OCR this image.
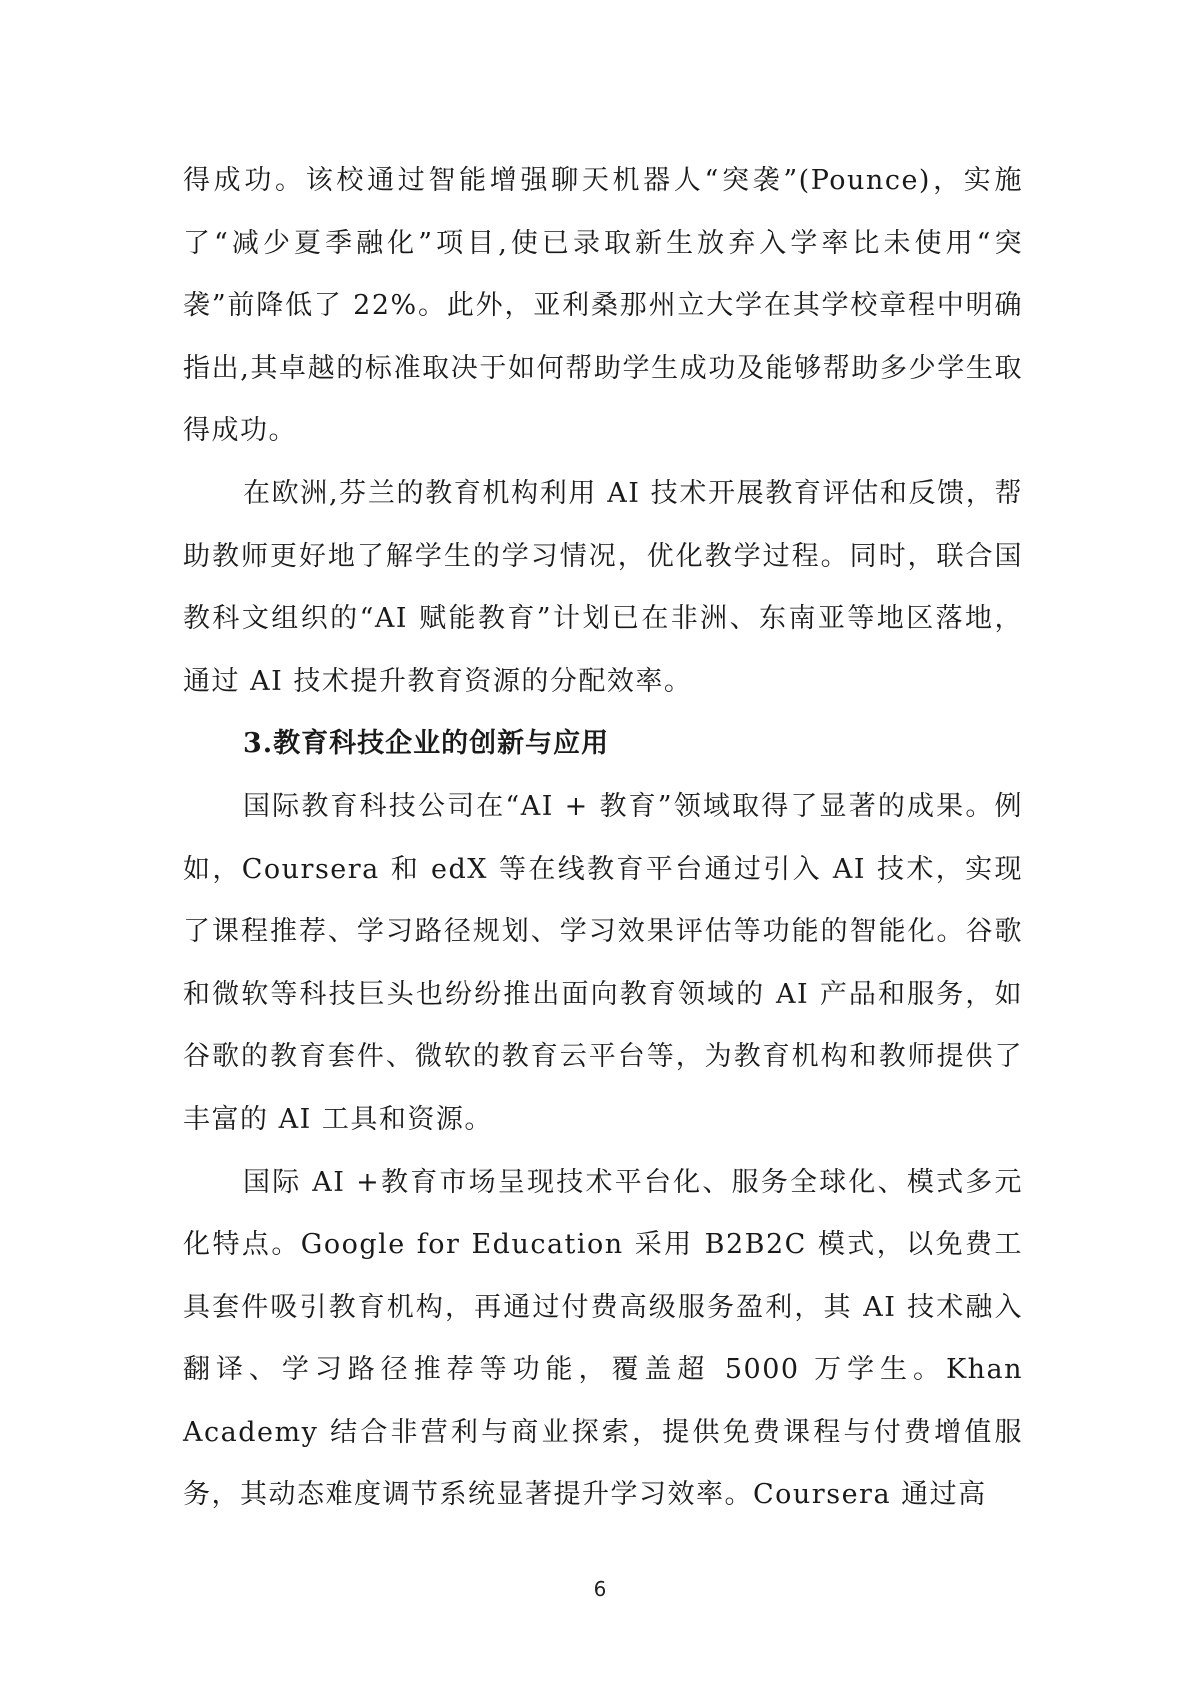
得成功。该校通过智能增强聊天机器人“突袭”(Pounce)，实施了“减少夏季融化”项目,使已录取新生放弃入学率比未使用“突袭”前降低了 22%。此外，亚利桑那州立大学在其学校章程中明确指出,其卓越的标准取决于如何帮助学生成功及能够帮助多少学生取得成功。

在欧洲,芬兰的教育机构利用 AI 技术开展教育评估和反馈，帮助教师更好地了解学生的学习情况，优化教学过程。同时，联合国教科文组织的“AI 赋能教育”计划已在非洲、东南亚等地区落地，通过 AI 技术提升教育资源的分配效率。

3.教育科技企业的创新与应用

国际教育科技公司在“AI + 教育”领域取得了显著的成果。例如，Coursera 和 edX 等在线教育平台通过引入 AI 技术，实现了课程推荐、学习路径规划、学习效果评估等功能的智能化。谷歌和微软等科技巨头也纷纷推出面向教育领域的 AI 产品和服务，如谷歌的教育套件、微软的教育云平台等，为教育机构和教师提供了丰富的 AI 工具和资源。

国际 AI +教育市场呈现技术平台化、服务全球化、模式多元化特点。Google for Education 采用 B2B2C 模式，以免费工具套件吸引教育机构，再通过付费高级服务盈利，其 AI 技术融入翻译、学习路径推荐等功能，覆盖超 5000 万学生。Khan Academy 结合非营利与商业探索，提供免费课程与付费增值服务，其动态难度调节系统显著提升学习效率。Coursera 通过高

6
